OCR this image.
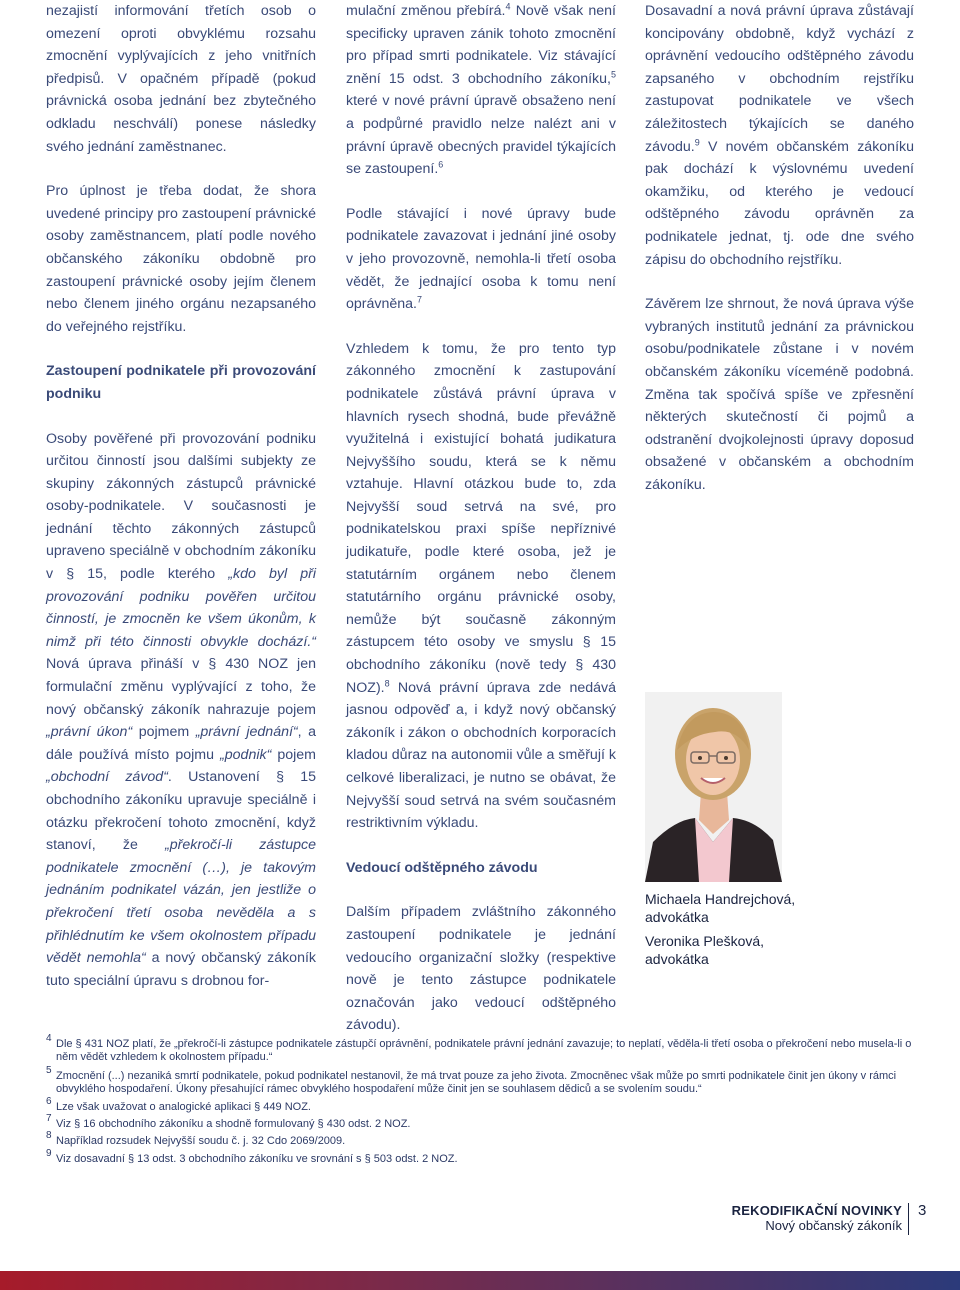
nezajistí informování třetích osob o omezení oproti obvyklému rozsahu zmocnění vyplývajících z jeho vnitřních předpisů. V opačném případě (pokud právnická osoba jednání bez zbytečného odkladu neschválí) ponese následky svého jednání zaměstnanec.

Pro úplnost je třeba dodat, že shora uvedené principy pro zastoupení právnické osoby zaměstnancem, platí podle nového občanského zákoníku obdobně pro zastoupení právnické osoby jejím členem nebo členem jiného orgánu nezapsaného do veřejného rejstříku.

Zastoupení podnikatele při provozování podniku

Osoby pověřené při provozování podniku určitou činností jsou dalšími subjekty ze skupiny zákonných zástupců právnické osoby-podnikatele. V současnosti je jednání těchto zákonných zástupců upraveno speciálně v obchodním zákoníku v § 15, podle kterého „kdo byl při provozování podniku pověřen určitou činností, je zmocněn ke všem úkonům, k nimž při této činnosti obvykle dochází.“ Nová úprava přináší v § 430 NOZ jen formulační změnu vyplývající z toho, že nový občanský zákoník nahrazuje pojem „právní úkon“ pojmem „právní jednání“, a dále používá místo pojmu „podnik“ pojem „obchodní závod“. Ustanovení § 15 obchodního zákoníku upravuje speciálně i otázku překročení tohoto zmocnění, když stanoví, že „překročí-li zástupce podnikatele zmocnění (…), je takovým jednáním podnikatel vázán, jen jestliže o překročení třetí osoba nevěděla a s přihlédnutím ke všem okolnostem případu vědět nemohla“ a nový občanský zákoník tuto speciální úpravu s drobnou for-

mulační změnou přebírá.$^4$ Nově však není specificky upraven zánik tohoto zmocnění pro případ smrti podnikatele. Viz stávající znění 15 odst. 3 obchodního zákoníku,$^5$ které v nové právní úpravě obsaženo není a podpůrné pravidlo nelze nalézt ani v právní úpravě obecných pravidel týkajících se zastoupení.$^6$

Podle stávající i nové úpravy bude podnikatele zavazovat i jednání jiné osoby v jeho provozovně, nemohla-li třetí osoba vědět, že jednající osoba k tomu není oprávněna.$^7$

Vzhledem k tomu, že pro tento typ zákonného zmocnění k zastupování podnikatele zůstává právní úprava v hlavních rysech shodná, bude převážně využitelná i existující bohatá judikatura Nejvyššího soudu, která se k němu vztahuje. Hlavní otázkou bude to, zda Nejvyšší soud setrvá na své, pro podnikatelskou praxi spíše nepříznivé judikatuře, podle které osoba, jež je statutárním orgánem nebo členem statutárního orgánu právnické osoby, nemůže být současně zákonným zástupcem této osoby ve smyslu § 15 obchodního zákoníku (nově tedy § 430 NOZ).$^8$ Nová právní úprava zde nedává jasnou odpověď a, i když nový občanský zákoník i zákon o obchodních korporacích kladou důraz na autonomii vůle a směřují k celkové liberalizaci, je nutno se obávat, že Nejvyšší soud setrvá na svém současném restriktivním výkladu.

Vedoucí odštěpného závodu

Dalším případem zvláštního zákonného zastoupení podnikatele je jednání vedoucího organizační složky (respektive nově je tento zástupce podnikatele označován jako vedoucí odštěpného závodu).

Dosavadní a nová právní úprava zůstávají koncipovány obdobně, když vychází z oprávnění vedoucího odštěpného závodu zapsaného v obchodním rejstříku zastupovat podnikatele ve všech záležitostech týkajících se daného závodu.$^9$ V novém občanském zákoníku pak dochází k výslovnému uvedení okamžiku, od kterého je vedoucí odštěpného závodu oprávněn za podnikatele jednat, tj. ode dne svého zápisu do obchodního rejstříku.

Závěrem lze shrnout, že nová úprava výše vybraných institutů jednání za právnickou osobu/podnikatele zůstane i v novém občanském zákoníku víceméně podobná. Změna tak spočívá spíše ve zpřesnění některých skutečností či pojmů a odstranění dvojkolejnosti úpravy doposud obsažené v občanském a obchodním zákoníku.

Michaela Handrejchová,
advokátka
Veronika Plešková,
advokátka
4 Dle § 431 NOZ platí, že „překročí-li zástupce podnikatele zástupčí oprávnění, podnikatele právní jednání zavazuje; to neplatí, věděla-li třetí osoba o překročení nebo musela-li o něm vědět vzhledem k okolnostem případu.“
5 Zmocnění (...) nezaniká smrtí podnikatele, pokud podnikatel nestanovil, že má trvat pouze za jeho života. Zmocněnec však může po smrti podnikatele činit jen úkony v rámci obvyklého hospodaření. Úkony přesahující rámec obvyklého hospodaření může činit jen se souhlasem dědiců a se svolením soudu.“
6 Lze však uvažovat o analogické aplikaci § 449 NOZ.
7 Viz § 16 obchodního zákoníku a shodně formulovaný § 430 odst. 2 NOZ.
8 Například rozsudek Nejvyšší soudu č. j. 32 Cdo 2069/2009.
9 Viz dosavadní § 13 odst. 3 obchodního zákoníku ve srovnání s § 503 odst. 2 NOZ.
REKODIFIKAČNÍ NOVINKY
Nový občanský zákoník
3
